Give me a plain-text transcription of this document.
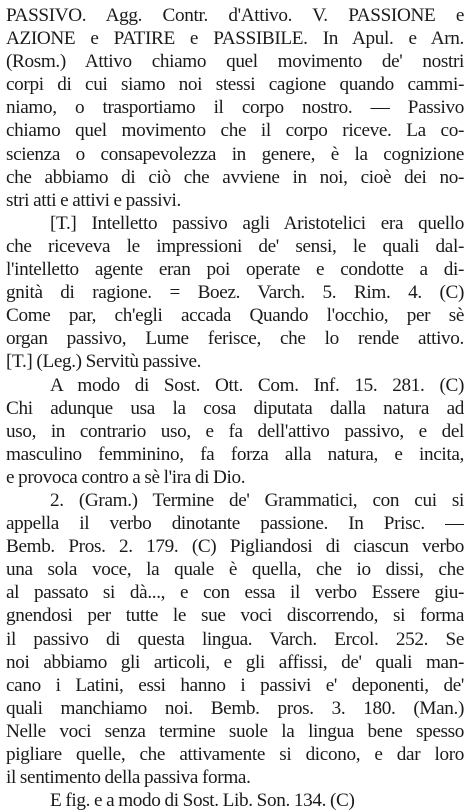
PASSIVO. Agg. Contr. d'Attivo. V. PASSIONE e
AZIONE e PATIRE e PASSIBILE. In Apul. e Arn.
(Rosm.) Attivo chiamo quel movimento de' nostri
corpi di cui siamo noi stessi cagione quando cammi-
niamo, o trasportiamo il corpo nostro. — Passivo
chiamo quel movimento che il corpo riceve. La co-
scienza o consapevolezza in genere, è la cognizione
che abbiamo di ciò che avviene in noi, cioè dei no-
stri atti e attivi e passivi.
[T.] Intelletto passivo agli Aristotelici era quello
che riceveva le impressioni de' sensi, le quali dal-
l'intelletto agente eran poi operate e condotte a di-
gnità di ragione. = Boez. Varch. 5. Rim. 4. (C)
Come par, ch'egli accada Quando l'occhio, per sè
organ passivo, Lume ferisce, che lo rende attivo.
[T.] (Leg.) Servitù passive.
A modo di Sost. Ott. Com. Inf. 15. 281. (C)
Chi adunque usa la cosa diputata dalla natura ad
uso, in contrario uso, e fa dell'attivo passivo, e del
masculino femminino, fa forza alla natura, e incita,
e provoca contro a sè l'ira di Dio.
2. (Gram.) Termine de' Grammatici, con cui si
appella il verbo dinotante passione. In Prisc. —
Bemb. Pros. 2. 179. (C) Pigliandosi di ciascun verbo
una sola voce, la quale è quella, che io dissi, che
al passato si dà..., e con essa il verbo Essere giu-
gnendosi per tutte le sue voci discorrendo, si forma
il passivo di questa lingua. Varch. Ercol. 252. Se
noi abbiamo gli articoli, e gli affissi, de' quali man-
cano i Latini, essi hanno i passivi e' deponenti, de'
quali manchiamo noi. Bemb. pros. 3. 180. (Man.)
Nelle voci senza termine suole la lingua bene spesso
pigliare quelle, che attivamente si dicono, e dar loro
il sentimento della passiva forma.
E fig. e a modo di Sost. Lib. Son. 134. (C)
